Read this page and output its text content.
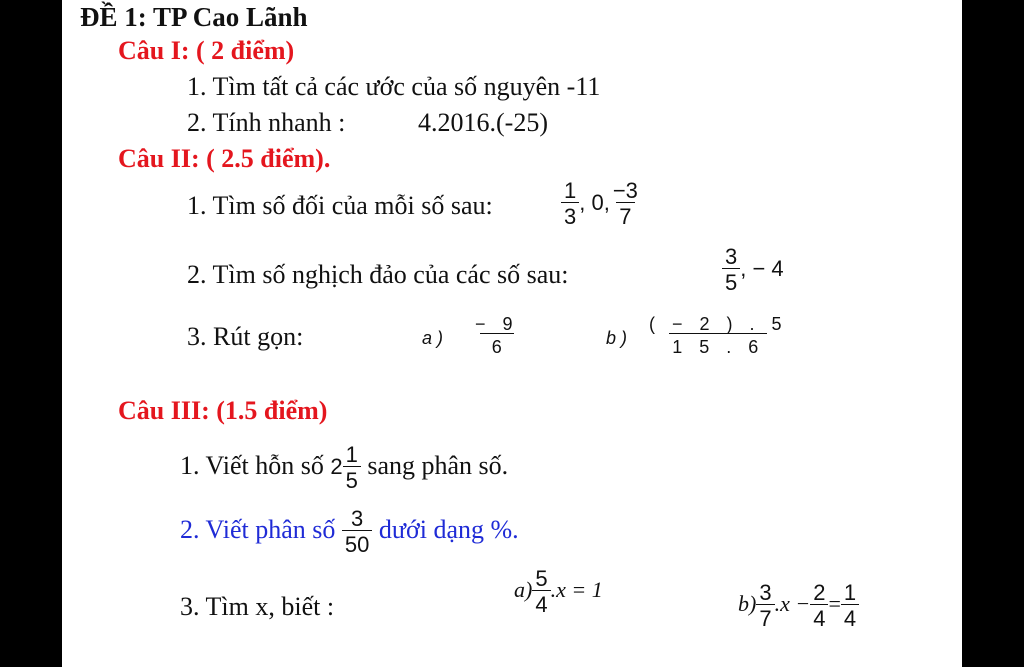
ĐỀ 1: TP Cao Lãnh
Câu I: ( 2 điểm)
1. Tìm tất cả các ước của số nguyên -11
2. Tính nhanh :	4.2016.(-25)
Câu II: ( 2.5 điểm).
1. Tìm số đối của mỗi số sau:	$\frac{1}{3}$ , 0, $\frac{-3}{7}$
2. Tìm số nghịch đảo của các số sau:	$\frac{3}{5}$ , − 4
3. Rút gọn:	a ) $\frac{- 9}{6}$	b ) $\frac{( - 2 ) . 5}{1 5 . 6}$
Câu III: (1.5 điểm)
1. Viết hỗn số $2 \frac{1}{5}$ sang phân số.
2. Viết phân số $\frac{3}{50}$ dưới dạng %.
3. Tìm x, biết :
$a) \frac{5}{4} .x = 1$
$b) \frac{3}{7} .x - \frac{2}{4} = \frac{1}{4}$
